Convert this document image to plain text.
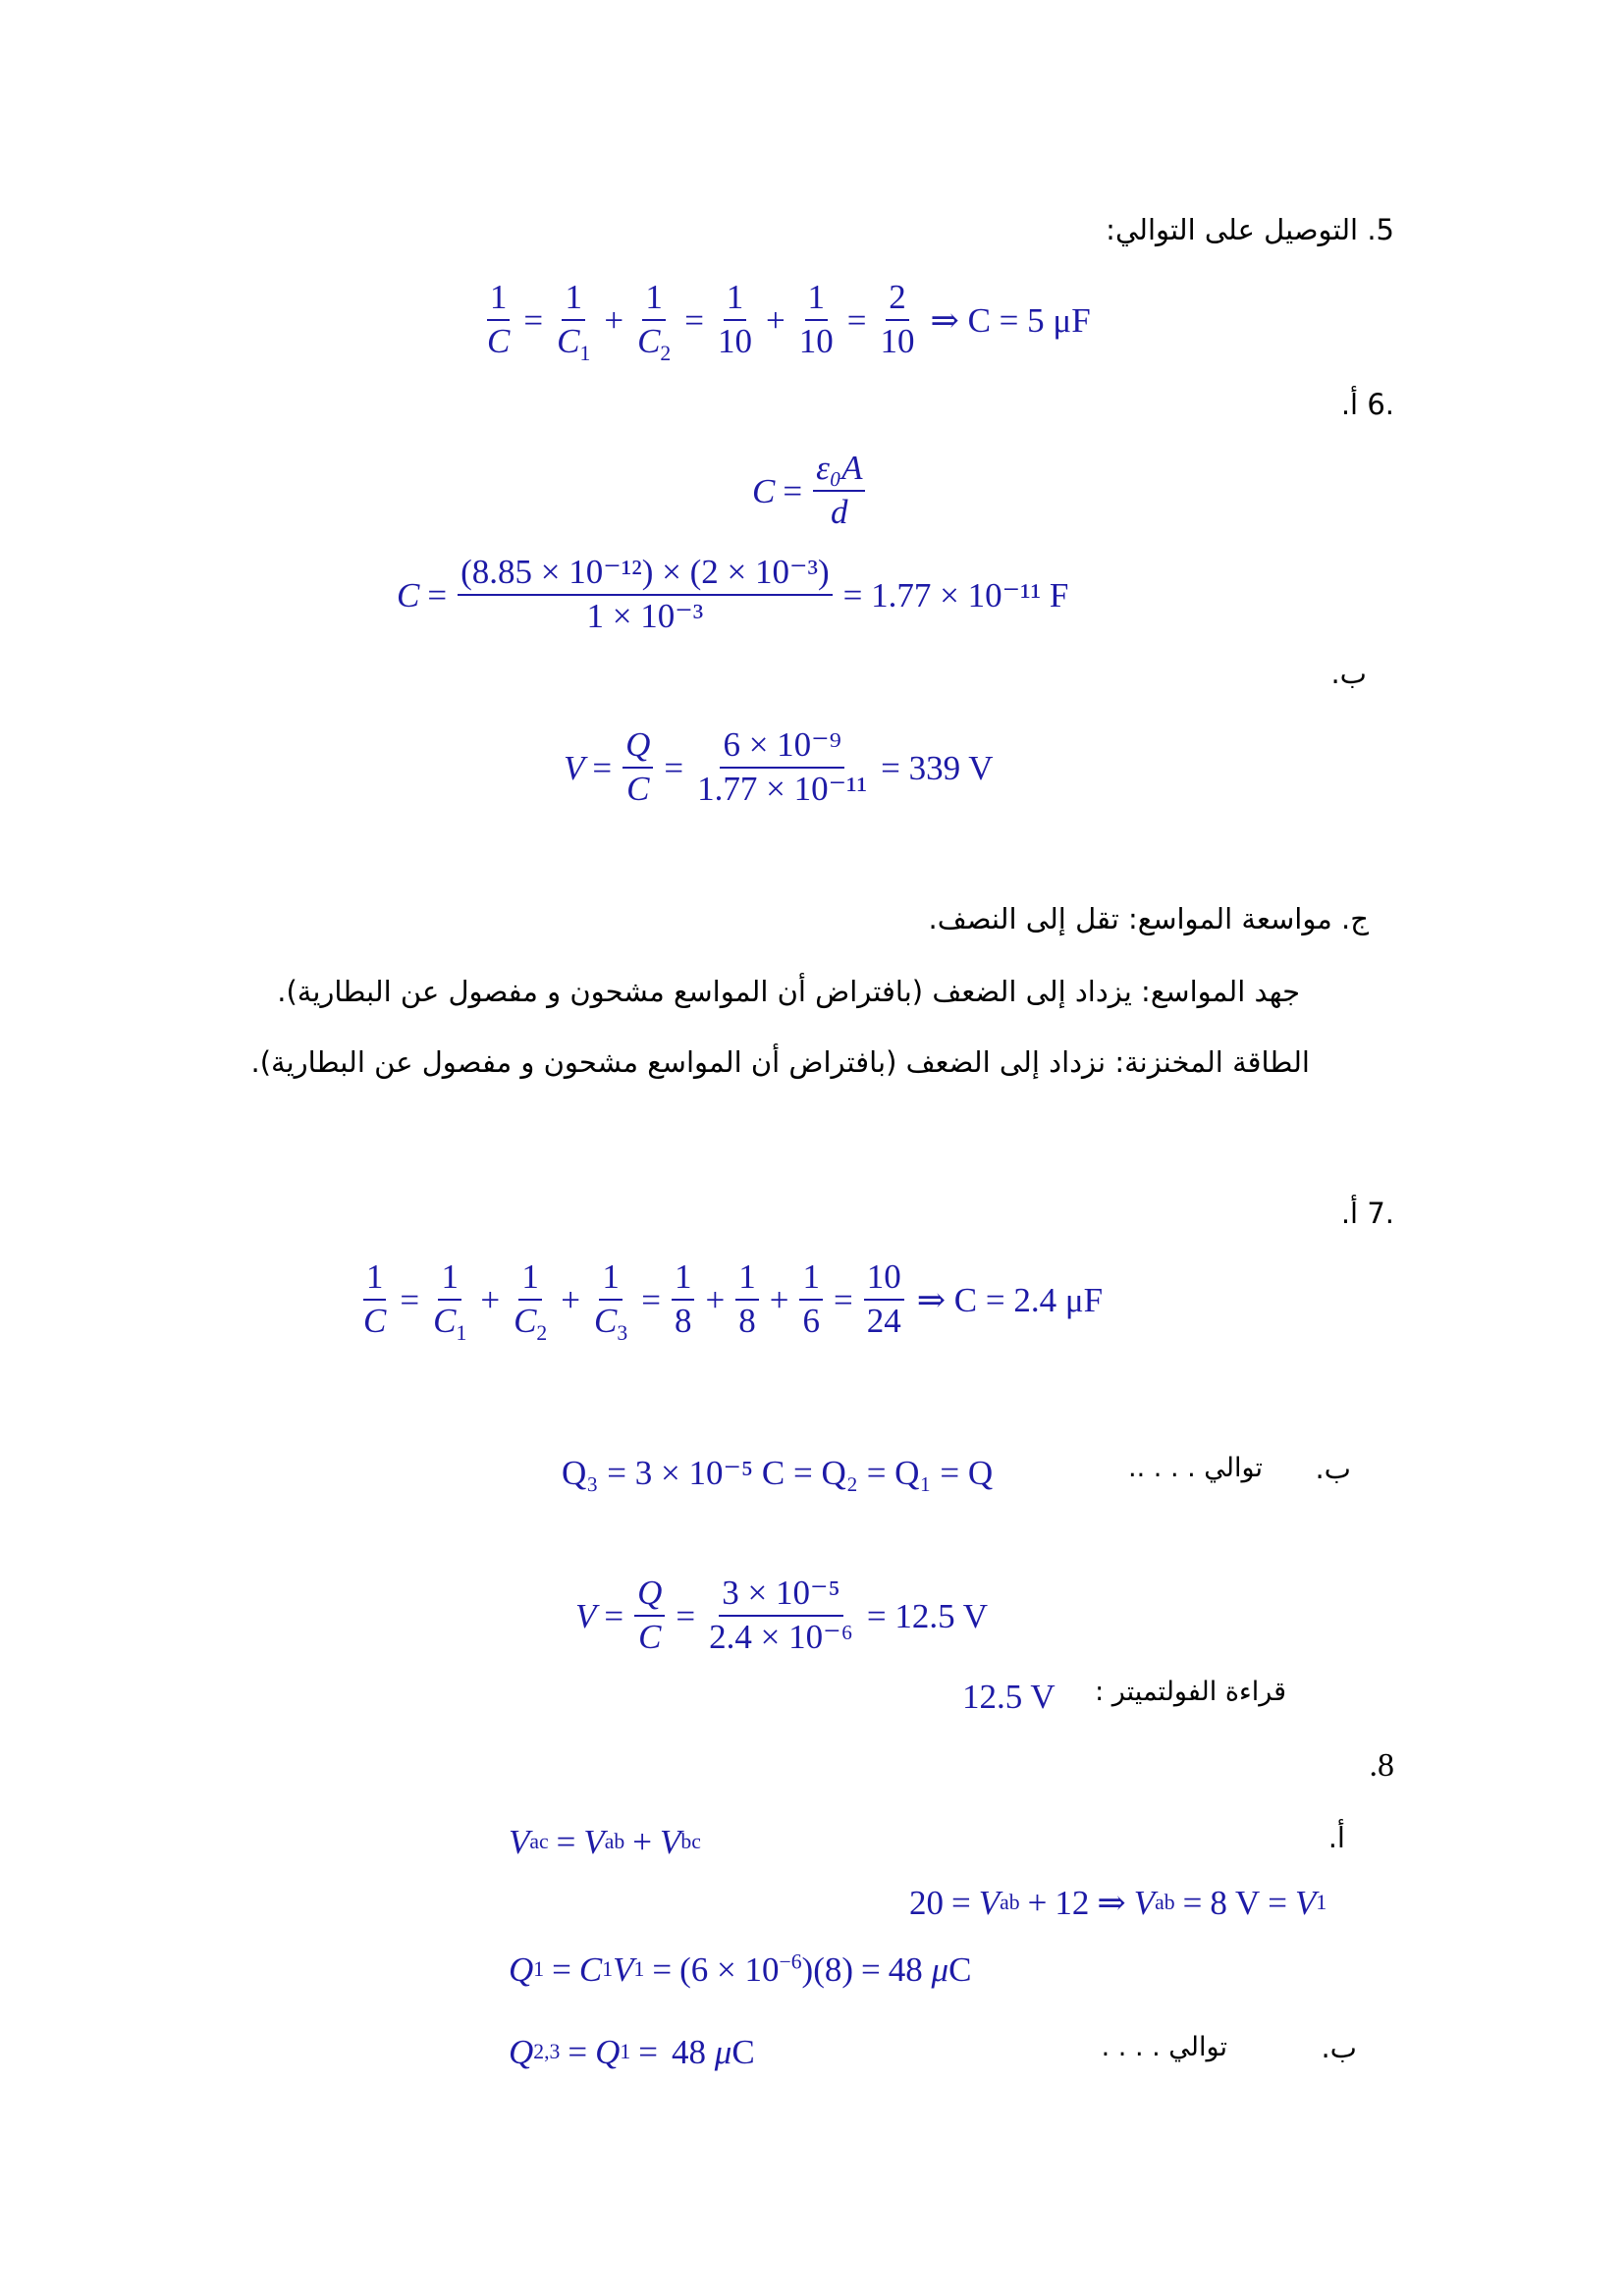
5. التوصيل على التوالي:
$\frac{1}{C} = \frac{1}{C_1} + \frac{1}{C_2} = \frac{1}{10} + \frac{1}{10} = \frac{2}{10}$ ⇒ C = 5 μF
.6 أ.
$C = \frac{\text{ε₀A}}{d}$
$C = \frac{\text{(8.85 × 10⁻¹²) × (2 × 10⁻³)}}{\text{1 × 10⁻³}} = 1.77 \times 10^{-11}$ F
ب.
$V = \frac{Q}{C} = \frac{\text{6 × 10⁻⁹}}{\text{1.77 × 10⁻¹¹}} = 339$ V
ج. مواسعة المواسع: تقل إلى النصف.
جهد المواسع: يزداد إلى الضعف (بافتراض أن المواسع مشحون و مفصول عن البطارية).
الطاقة المخنزنة: نزداد إلى الضعف (بافتراض أن المواسع مشحون و مفصول عن البطارية).
.7 أ.
$\frac{1}{C} = \frac{1}{C_1} + \frac{1}{C_2} + \frac{1}{C_3} = \frac{1}{8} + \frac{1}{8} + \frac{1}{6} = \frac{10}{24}$ ⇒ C = 2.4 μF
ب.
توالي . . . ..
Q₃ = 3 × 10⁻⁵ C = Q₂ = Q₁ = Q
$V = \frac{Q}{C} = \frac{\text{3 × 10⁻⁵}}{\text{2.4 × 10⁻⁶}} = 12.5$ V
قراءة الفولتميتر :
12.5 V
.8
أ.
V ac = V ab + V bc
20 = V ab + 12 ⇒ V ab = 8 V = V 1
Q 1 = C 1 V $1 = (6 \times 10^{-6})(8) = 48$ μC
ب.
توالي . . . .
Q 2,3 = Q 1 = 48 μC
